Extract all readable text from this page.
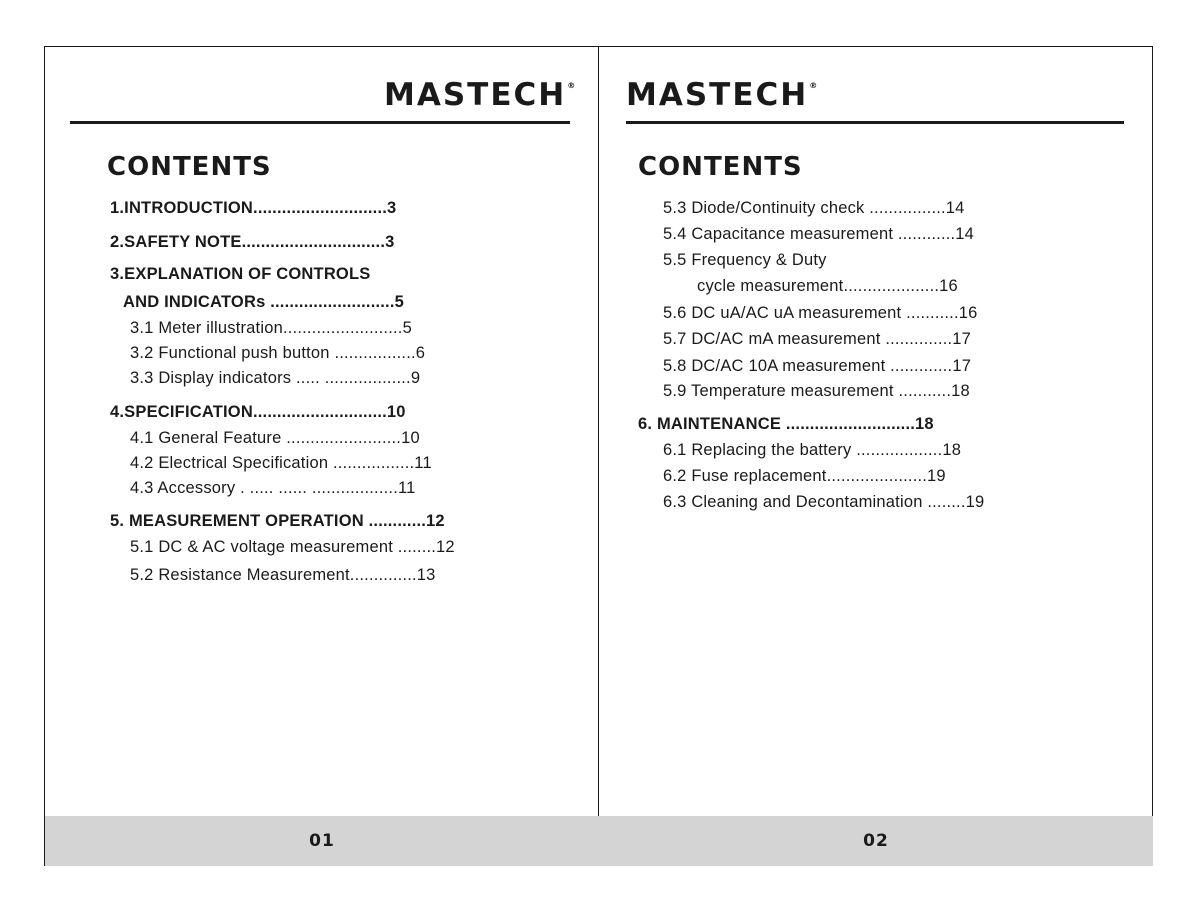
MASTECH®
CONTENTS
1.INTRODUCTION............................3
2.SAFETY NOTE..............................3
3.EXPLANATION OF CONTROLS
AND INDICATORs ..........................5
3.1 Meter illustration.........................5
3.2 Functional push button .................6
3.3 Display indicators ..... ..................9
4.SPECIFICATION............................10
4.1 General Feature ........................10
4.2 Electrical Specification .................11
4.3 Accessory . ..... ...... ..................11
5. MEASUREMENT OPERATION ............12
5.1 DC & AC voltage measurement ........12
5.2 Resistance Measurement..............13
01
MASTECH®
CONTENTS
5.3 Diode/Continuity check ................14
5.4 Capacitance measurement ............14
5.5 Frequency & Duty
cycle measurement....................16
5.6 DC uA/AC uA measurement ...........16
5.7 DC/AC mA measurement ..............17
5.8 DC/AC 10A measurement .............17
5.9 Temperature measurement ...........18
6. MAINTENANCE ...........................18
6.1 Replacing the battery ..................18
6.2 Fuse replacement.....................19
6.3 Cleaning and Decontamination ........19
02
